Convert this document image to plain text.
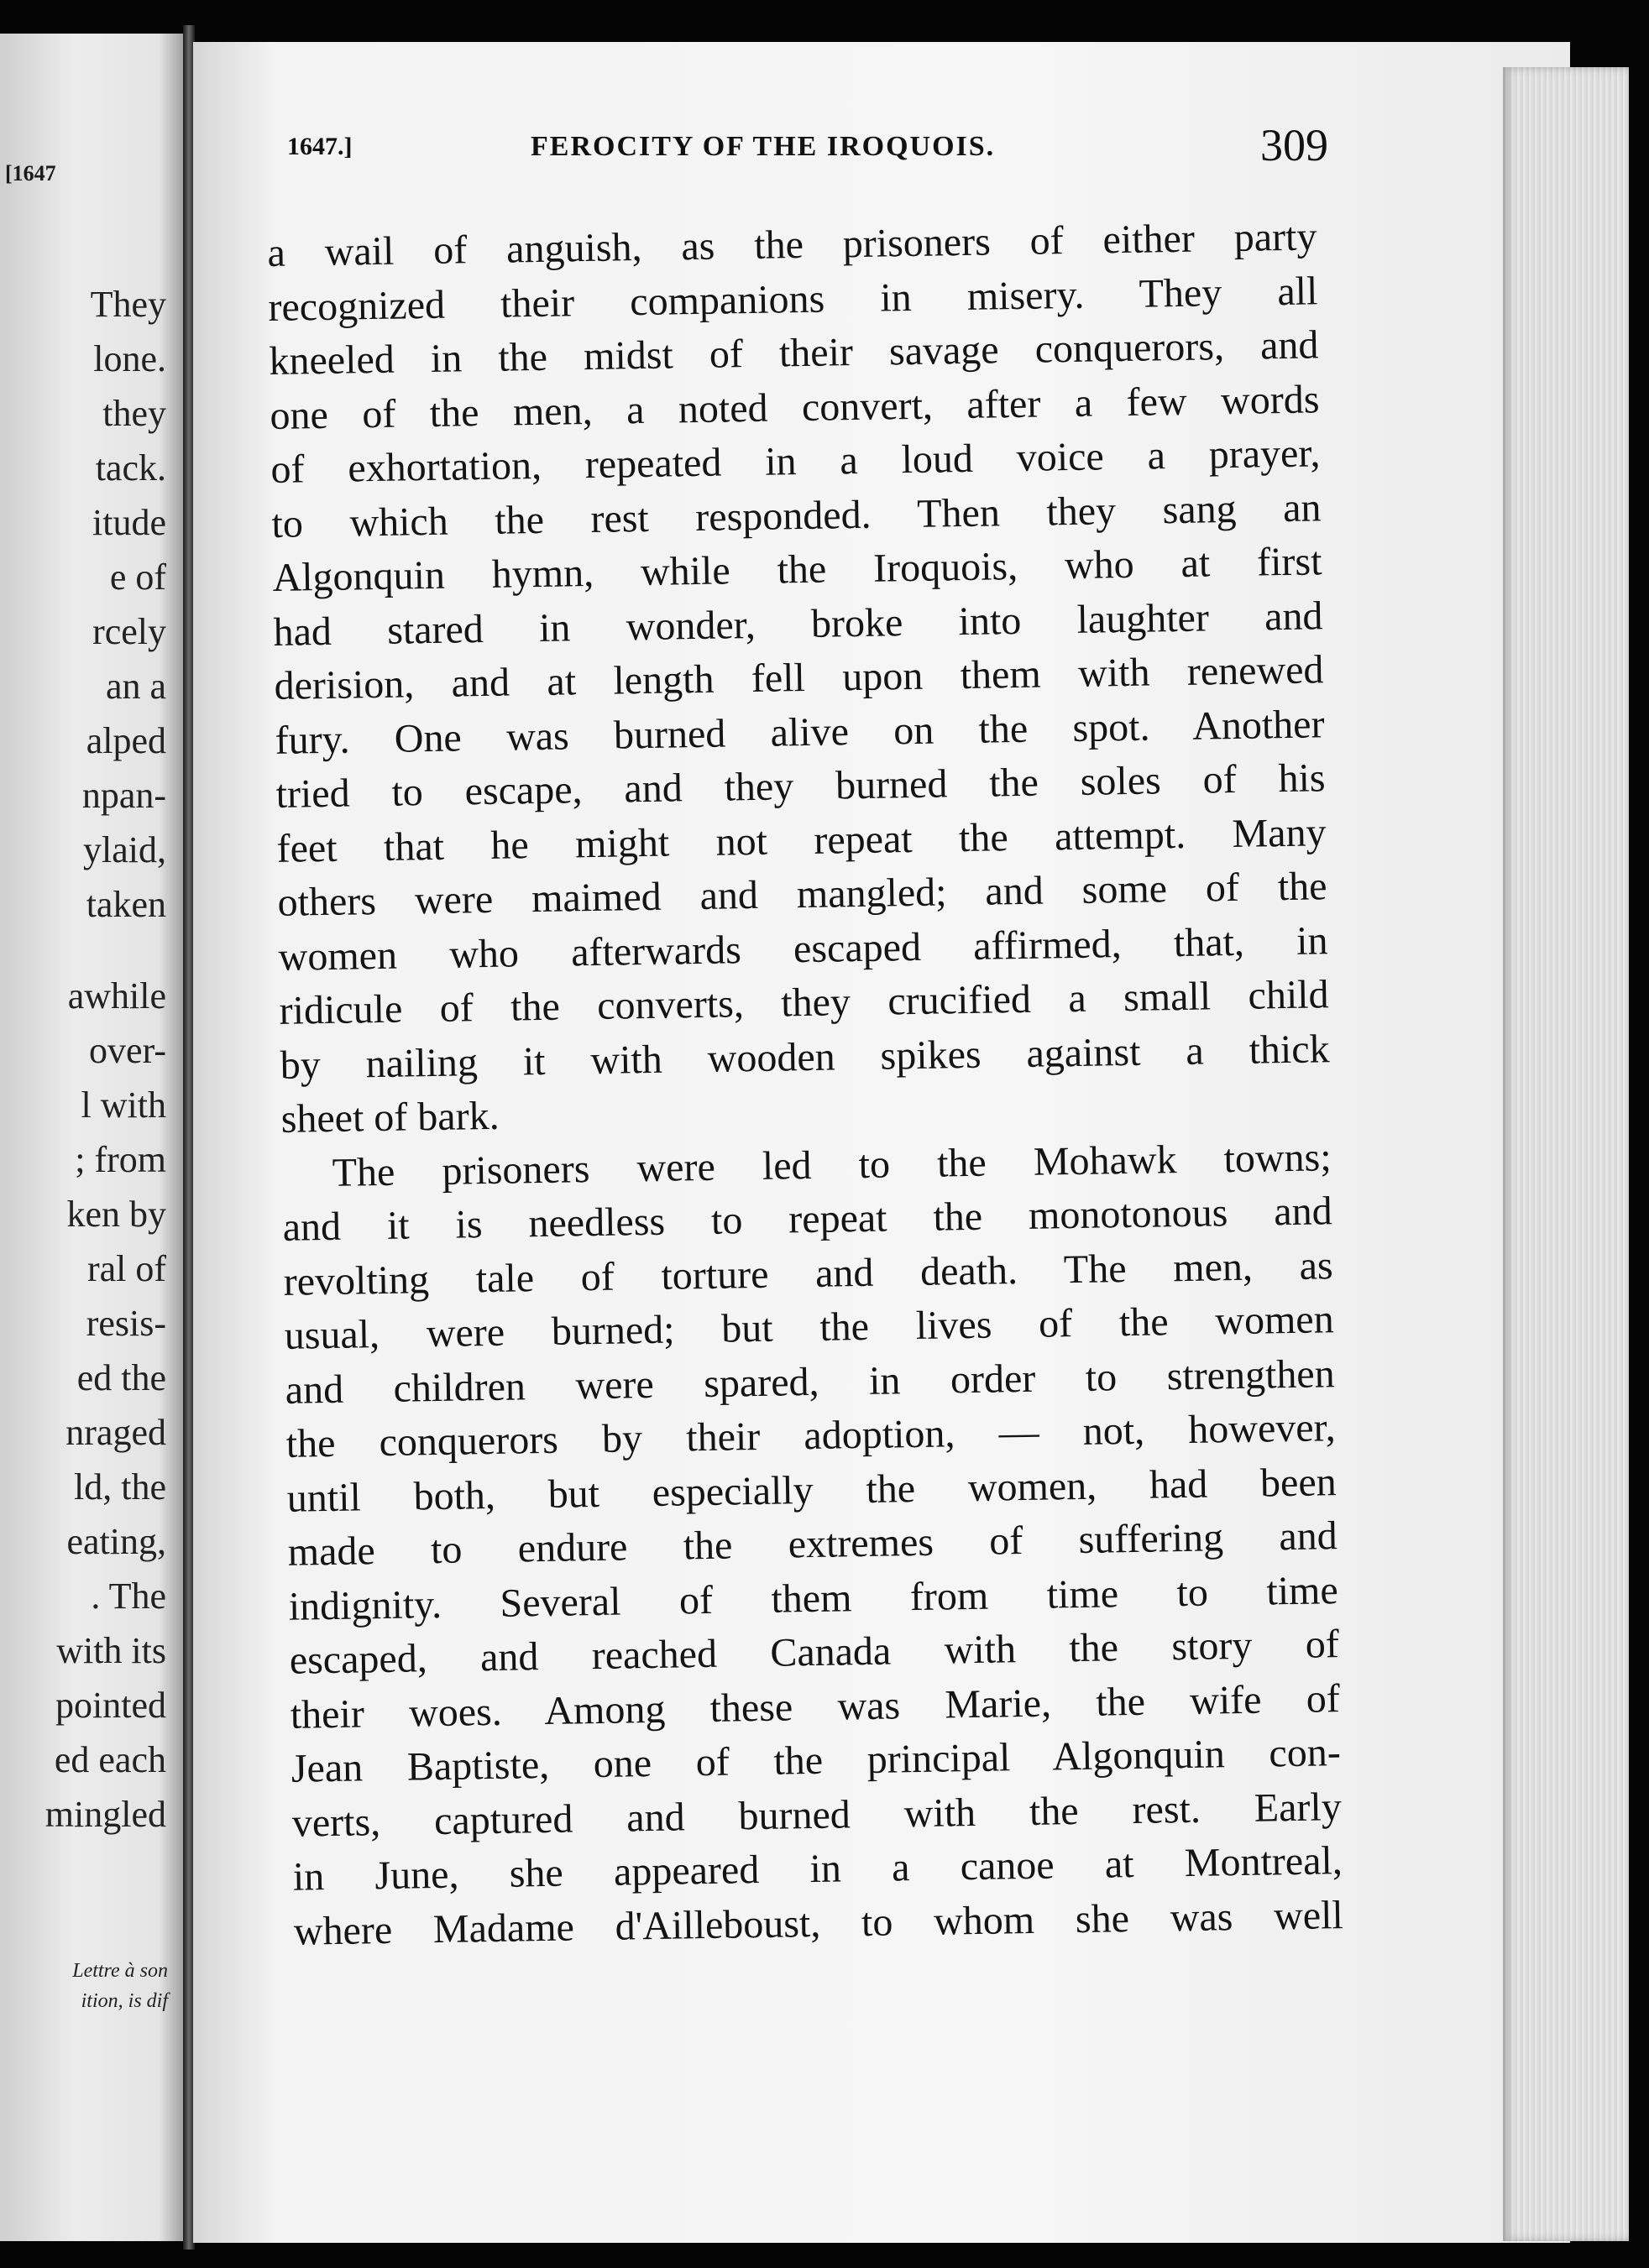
[1647
They
lone.
they
tack.
itude
e of
rcely
an a
alped
npan-
ylaid,
taken
awhile
over-
l with
; from
ken by
ral of
resis-
ed the
nraged
ld, the
eating,
. The
with its
pointed
ed each
mingled
Lettre à son
ition, is dif
1647.]	FEROCITY OF THE IROQUOIS.	309
a wail of anguish, as the prisoners of either party
recognized their companions in misery. They all
kneeled in the midst of their savage conquerors, and
one of the men, a noted convert, after a few words
of exhortation, repeated in a loud voice a prayer,
to which the rest responded. Then they sang an
Algonquin hymn, while the Iroquois, who at first
had stared in wonder, broke into laughter and
derision, and at length fell upon them with renewed
fury. One was burned alive on the spot. Another
tried to escape, and they burned the soles of his
feet that he might not repeat the attempt. Many
others were maimed and mangled; and some of the
women who afterwards escaped affirmed, that, in
ridicule of the converts, they crucified a small child
by nailing it with wooden spikes against a thick
sheet of bark.
The prisoners were led to the Mohawk towns;
and it is needless to repeat the monotonous and
revolting tale of torture and death. The men, as
usual, were burned; but the lives of the women
and children were spared, in order to strengthen
the conquerors by their adoption, — not, however,
until both, but especially the women, had been
made to endure the extremes of suffering and
indignity. Several of them from time to time
escaped, and reached Canada with the story of
their woes. Among these was Marie, the wife of
Jean Baptiste, one of the principal Algonquin con-
verts, captured and burned with the rest. Early
in June, she appeared in a canoe at Montreal,
where Madame d'Ailleboust, to whom she was well
